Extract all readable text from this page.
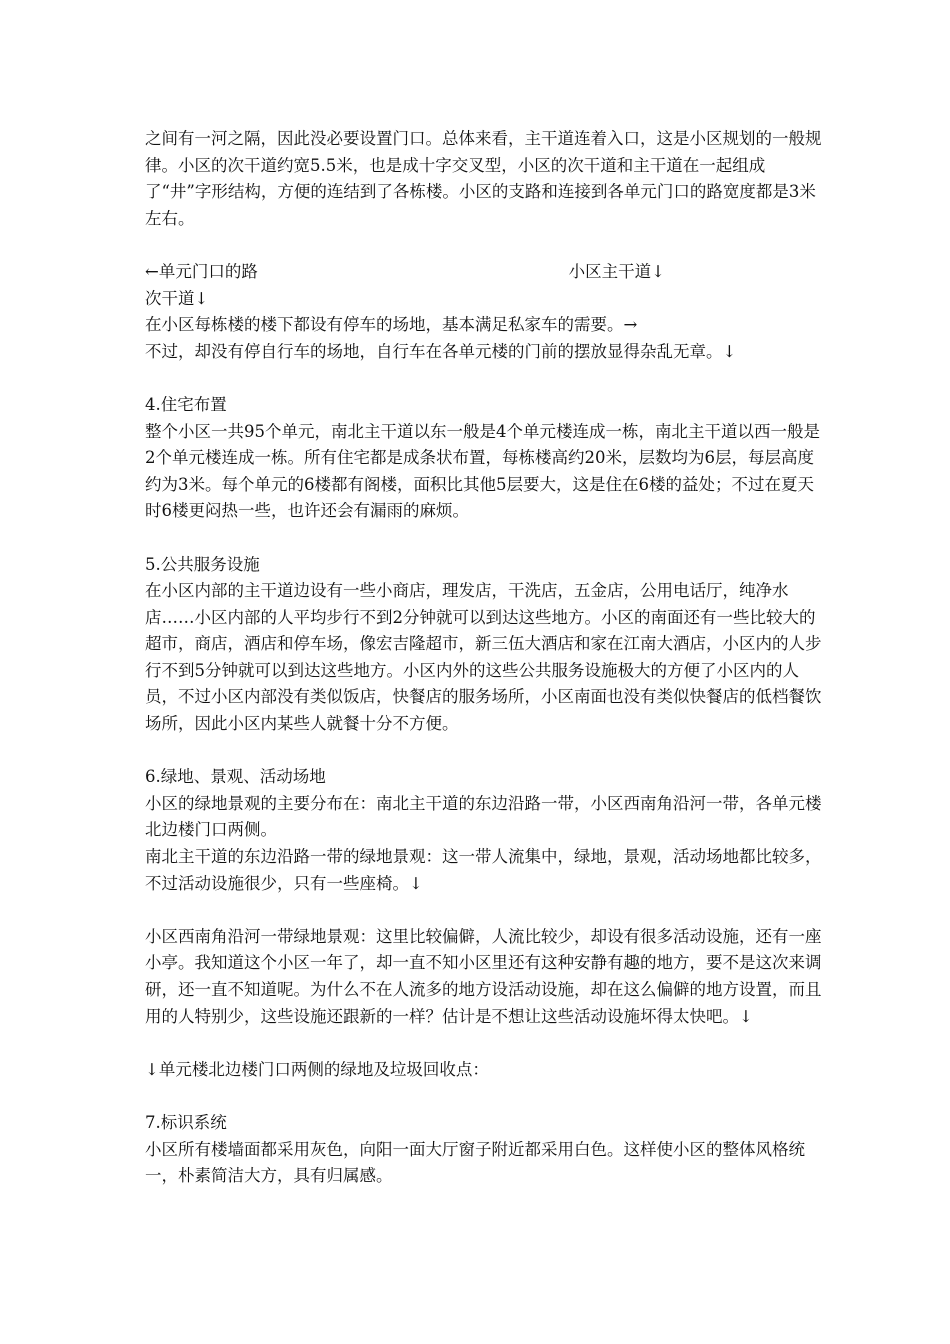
之间有一河之隔，因此没必要设置门口。总体来看，主干道连着入口，这是小区规划的一般规律。小区的次干道约宽5.5米，也是成十字交叉型，小区的次干道和主干道在一起组成了“井”字形结构，方便的连结到了各栋楼。小区的支路和连接到各单元门口的路宽度都是3米左右。

←单元门口的路	小区主干道↓

次干道↓

在小区每栋楼的楼下都设有停车的场地，基本满足私家车的需要。→

不过，却没有停自行车的场地，自行车在各单元楼的门前的摆放显得杂乱无章。↓

4.住宅布置

整个小区一共95个单元，南北主干道以东一般是4个单元楼连成一栋，南北主干道以西一般是2个单元楼连成一栋。所有住宅都是成条状布置，每栋楼高约20米，层数均为6层，每层高度约为3米。每个单元的6楼都有阁楼，面积比其他5层要大，这是住在6楼的益处；不过在夏天时6楼更闷热一些，也许还会有漏雨的麻烦。

5.公共服务设施

在小区内部的主干道边设有一些小商店，理发店，干洗店，五金店，公用电话厅，纯净水店……小区内部的人平均步行不到2分钟就可以到达这些地方。小区的南面还有一些比较大的超市，商店，酒店和停车场，像宏吉隆超市，新三伍大酒店和家在江南大酒店，小区内的人步行不到5分钟就可以到达这些地方。小区内外的这些公共服务设施极大的方便了小区内的人员，不过小区内部没有类似饭店，快餐店的服务场所，小区南面也没有类似快餐店的低档餐饮场所，因此小区内某些人就餐十分不方便。

6.绿地、景观、活动场地

小区的绿地景观的主要分布在：南北主干道的东边沿路一带，小区西南角沿河一带，各单元楼北边楼门口两侧。

南北主干道的东边沿路一带的绿地景观：这一带人流集中，绿地，景观，活动场地都比较多，不过活动设施很少，只有一些座椅。↓

小区西南角沿河一带绿地景观：这里比较偏僻，人流比较少，却设有很多活动设施，还有一座小亭。我知道这个小区一年了，却一直不知小区里还有这种安静有趣的地方，要不是这次来调研，还一直不知道呢。为什么不在人流多的地方设活动设施，却在这么偏僻的地方设置，而且用的人特别少，这些设施还跟新的一样？估计是不想让这些活动设施坏得太快吧。↓

↓单元楼北边楼门口两侧的绿地及垃圾回收点：

7.标识系统

小区所有楼墙面都采用灰色，向阳一面大厅窗子附近都采用白色。这样使小区的整体风格统一，朴素简洁大方，具有归属感。
